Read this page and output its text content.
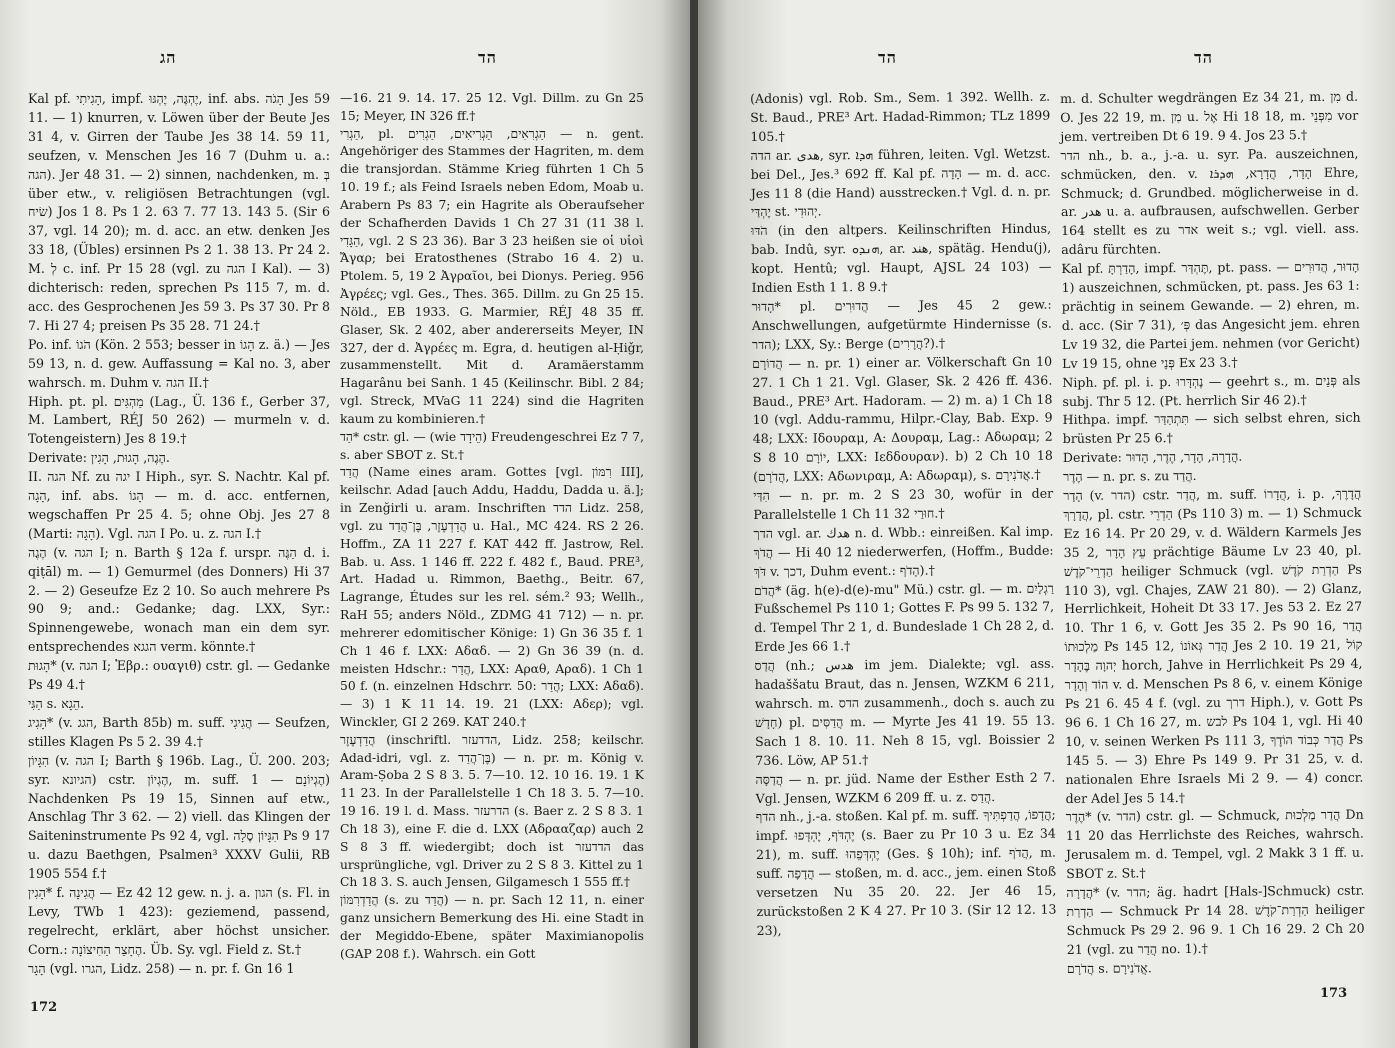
הג	הד

Kal pf. הָגִיתִי, impf. יֶהְגֶּה, יֶהְגּוּ, inf. abs. הָגֹה Jes 59 11. — 1) knurren, v. Löwen über der Beute Jes 31 4, v. Girren der Taube Jes 38 14. 59 11, seufzen, v. Menschen Jes 16 7 (Duhm u. a.: הגה). Jer 48 31. — 2) sinnen, nachdenken, m. בְּ über etw., v. religiösen Betrachtungen (vgl. שׂיח) Jos 1 8. Ps 1 2. 63 7. 77 13. 143 5. (Sir 6 37, vgl. 14 20); m. d. acc. an etw. denken Jes 33 18, (Übles) ersinnen Ps 2 1. 38 13. Pr 24 2. M. לְ c. inf. Pr 15 28 (vgl. zu הגה I Kal). — 3) dichterisch: reden, sprechen Ps 115 7, m. d. acc. des Gesprochenen Jes 59 3. Ps 37 30. Pr 8 7. Hi 27 4; preisen Ps 35 28. 71 24.†

Po. inf. הֹגוֹ (Kön. 2 553; besser in הָגוֹ z. ä.) — Jes 59 13, n. d. gew. Auffassung = Kal no. 3, aber wahrsch. m. Duhm v. הגה II.†

Hiph. pt. pl. מַהְגִּים (Lag., Ü. 136 f., Gerber 37, M. Lambert, RÉJ 50 262) — murmeln v. d. Totengeistern) Jes 8 19.†

Derivate: הֶגֶה, הָגוּת, הָגִין.

II. הגה Nf. zu יגה I Hiph., syr. S. Nachtr. Kal pf. הָגָה, inf. abs. הָגוֹ — m. d. acc. entfernen, wegschaffen Pr 25 4. 5; ohne Obj. Jes 27 8 (Marti: הָגָה). Vgl. הגה I Po. u. z. הגה I.†

הֶגֶה (v. הגה I; n. Barth § 12a f. urspr. הַגֶּה d. i. qiṭāl) m. — 1) Gemurmel (des Donners) Hi 37 2. — 2) Geseufze Ez 2 10. So auch mehrere Ps 90 9; and.: Gedanke; dag. LXX, Syr.: Spinnengewebe, wonach man ein dem syr. entsprechendes הגגא verm. könnte.†

הָגוּת* (v. הגה I; Ἐβρ.: ουαγιθ) cstr. gl. — Gedanke Ps 49 4.†

הַגִּי s. הֵגָא.

הָגִיג* (v. הגג, Barth 85b) m. suff. הֲגִיגִי — Seufzen, stilles Klagen Ps 5 2. 39 4.†

הִגָּיוֹן (v. הגה I; Barth § 196b. Lag., Ü. 200. 203; syr. הגיונא) cstr. הֶגְיוֹן, m. suff. הֶגְיוֹנָם — 1) Nachdenken Ps 19 15, Sinnen auf etw., Anschlag Thr 3 62. — 2) viell. das Klingen der Saiteninstrumente Ps 92 4, vgl. הִגָּיוֹן סֶלָה Ps 9 17 u. dazu Baethgen, Psalmen³ XXXV Gulii, RB 1905 554 f.†

הָגִין* f. הֲגִינָה — Ez 42 12 gew. n. j. a. הגון (s. Fl. in Levy, TWb 1 423): geziemend, passend, regelrecht, erklärt, aber höchst unsicher. Corn.: הֶחָצֵר הַחִיצוֹנָה. Üb. Sy. vgl. Field z. St.†

הָגָר (vgl. הגרו, Lidz. 258) — n. pr. f. Gn 16 1

—16. 21 9. 14. 17. 25 12. Vgl. Dillm. zu Gn 25 15; Meyer, IN 326 ff.†

הַגְרִי, pl. הַגְרִאִים, הַגְרִיאִים, הַגְרִים — n. gent. Angehöriger des Stammes der Hagriten, m. dem die transjordan. Stämme Krieg führten 1 Ch 5 10. 19 f.; als Feind Israels neben Edom, Moab u. Arabern Ps 83 7; ein Hagrite als Oberaufseher der Schafherden Davids 1 Ch 27 31 (11 38 l. הַגָּדִי, vgl. 2 S 23 36). Bar 3 23 heißen sie οἱ υἱοὶ Ἄγαρ; bei Eratosthenes (Strabo 16 4. 2) u. Ptolem. 5, 19 2 Ἀγραῖοι, bei Dionys. Perieg. 956 Ἀγρέες; vgl. Ges., Thes. 365. Dillm. zu Gn 25 15. Nöld., EB 1933. G. Marmier, RÉJ 48 35 ff. Glaser, Sk. 2 402, aber andererseits Meyer, IN 327, der d. Ἀγρέες m. Egra, d. heutigen al-Ḥiǧr, zusammenstellt. Mit d. Aramäerstamm Hagarânu bei Sanh. 1 45 (Keilinschr. Bibl. 2 84; vgl. Streck, MVaG 11 224) sind die Hagriten kaum zu kombinieren.†

הַד* cstr. gl. — (wie הֵידָד) Freudengeschrei Ez 7 7, s. aber SBOT z. St.†

הֲדַד (Name eines aram. Gottes [vgl. רִמּוֹן III], keilschr. Adad [auch Addu, Haddu, Dadda u. ä.]; in Zenğirli u. aram. Inschriften הדד Lidz. 258, vgl. zu הֲדַדְעֶזֶר, בֶּן־הֲדַד u. Hal., MC 424. RS 2 26. Hoffm., ZA 11 227 f. KAT 442 ff. Jastrow, Rel. Bab. u. Ass. 1 146 ff. 222 f. 482 f., Baud. PRE³, Art. Hadad u. Rimmon, Baethg., Beitr. 67, Lagrange, Études sur les rel. sém.² 93; Wellh., RaH 55; anders Nöld., ZDMG 41 712) — n. pr. mehrerer edomitischer Könige: 1) Gn 36 35 f. 1 Ch 1 46 f. LXX: Αδαδ. — 2) Gn 36 39 (n. d. meisten Hdschr.: הֲדַר, LXX: Αραθ, Αραδ). 1 Ch 1 50 f. (n. einzelnen Hdschrr. 50: הֲדַר; LXX: Αδαδ). — 3) 1 K 11 14. 19. 21 (LXX: Αδερ); vgl. Winckler, GI 2 269. KAT 240.†

הֲדַדְעֶזֶר (inschriftl. הדדעזר, Lidz. 258; keilschr. Adad-idri, vgl. z. בֶּן־הֲדַד) — n. pr. m. König v. Aram-Ṣoba 2 S 8 3. 5. 7—10. 12. 10 16. 19. 1 K 11 23. In der Parallelstelle 1 Ch 18 3. 5. 7—10. 19 16. 19 l. d. Mass. הדרעזר (s. Baer z. 2 S 8 3. 1 Ch 18 3), eine F. die d. LXX (Αδρααζαρ) auch 2 S 8 3 ff. wiedergibt; doch ist הדדעזר das ursprüngliche, vgl. Driver zu 2 S 8 3. Kittel zu 1 Ch 18 3. S. auch Jensen, Gilgamesch 1 555 ff.†

הֲדַדְרִמּוֹן (s. zu הֲדַד) — n. pr. Sach 12 11, n. einer ganz unsichern Bemerkung des Hi. eine Stadt in der Megiddo-Ebene, später Maximianopolis (GAP 208 f.). Wahrsch. ein Gott

172
הד	הד

(Adonis) vgl. Rob. Sm., Sem. 1 392. Wellh. z. St. Baud., PRE³ Art. Hadad-Rimmon; TLz 1899 105.†

הדה ar. هدى, syr. ܗܕܐ führen, leiten. Vgl. Wetzst. bei Del., Jes.³ 692 ff. Kal pf. הָדָה — m. d. acc. Jes 11 8 (die Hand) ausstrecken.† Vgl. d. n. pr. יֶהְדַּי st. יְהוּדִי.

הֹדּוּ (in den altpers. Keilinschriften Hindus, bab. Indû, syr. ܗܢܕܘ, ar. هند, spätäg. Hendu(j), kopt. Hentû; vgl. Haupt, AJSL 24 103) — Indien Esth 1 1. 8 9.†

הָדוּר* pl. הֲדוּרִים — Jes 45 2 gew.: Anschwellungen, aufgetürmte Hindernisse (s. הדר); LXX, Sy.: Berge (הֲרָרִים?).†

הֲדוֹרָם — n. pr. 1) einer ar. Völkerschaft Gn 10 27. 1 Ch 1 21. Vgl. Glaser, Sk. 2 426 ff. 436. Baud., PRE³ Art. Hadoram. — 2) m. a) 1 Ch 18 10 (vgl. Addu-rammu, Hilpr.-Clay, Bab. Exp. 9 48; LXX: Ιδουραμ, A: Δουραμ, Lag.: Αδωραμ; 2 S 8 10 יוֹרָם, LXX: Ιεδδουραν). b) 2 Ch 10 18 (הֲדֹרָם, LXX: Αδωνιραμ, A: Αδωραμ), s. אֲדֹנִירָם.†

הִדַּי — n. pr. m. 2 S 23 30, wofür in der Parallelstelle 1 Ch 11 32 חוּרַי.†

הדך vgl. ar. هدك n. d. Wbb.: einreißen. Kal imp. הֲדֹךְ — Hi 40 12 niederwerfen, (Hoffm., Budde: דֹּךְ v. דכך, Duhm event.: הָדֹף).†

הֲדֹם* (äg. h(e)-d(e)-mu" Mü.) cstr. gl. — m. רַגְלַיִם Fußschemel Ps 110 1; Gottes F. Ps 99 5. 132 7, d. Tempel Thr 2 1, d. Bundeslade 1 Ch 28 2, d. Erde Jes 66 1.†

הֲדַס (nh.; هدس im jem. Dialekte; vgl. ass. hadaššatu Braut, das n. Jensen, WZKM 6 211, wahrsch. m. הדס zusammenh., doch s. auch zu חָדָשׁ) pl. הֲדַסִּים m. — Myrte Jes 41 19. 55 13. Sach 1 8. 10. 11. Neh 8 15, vgl. Boissier 2 736. Löw, AP 51.†

הֲדַסָּה — n. pr. jüd. Name der Esther Esth 2 7. Vgl. Jensen, WZKM 6 209 ff. u. z. הֲדַס.

הדף nh., j.-a. stoßen. Kal pf. m. suff. הֲדָפוֹ, הֲדַפְתִּיךָ; impf. יֶהְדֹּף, יֶהְדְּפוּ (s. Baer zu Pr 10 3 u. Ez 34 21), m. suff. יֶהְדְּפֵהוּ (Ges. § 10h); inf. הֲדֹף, m. suff. הֲדָפָה — stoßen, m. d. acc., jem. einen Stoß versetzen Nu 35 20. 22. Jer 46 15, zurückstoßen 2 K 4 27. Pr 10 3. (Sir 12 12. 13 23),

m. d. Schulter wegdrängen Ez 34 21, m. מִן d. O. Jes 22 19, m. מִן u. אֶל Hi 18 18, m. מִפְּנֵי vor jem. vertreiben Dt 6 19. 9 4. Jos 23 5.†

הדר nh., b. a., j.-a. u. syr. Pa. auszeichnen, schmücken, den. v. הָדָר, הֲדָרָא, ܗܕܪܐ Ehre, Schmuck; d. Grundbed. möglicherweise in d. ar. هدر u. a. aufbrausen, aufschwellen. Gerber 164 stellt es zu אדר weit s.; vgl. viell. ass. adâru fürchten.

Kal pf. הָדַרְתָּ, impf. תֶּהְדַּר, pt. pass. הָדוּר, הֲדוּרִים — 1) auszeichnen, schmücken, pt. pass. Jes 63 1: prächtig in seinem Gewande. — 2) ehren, m. d. acc. (Sir 7 31), פְּ׳ das Angesicht jem. ehren Lv 19 32, die Partei jem. nehmen (vor Gericht) Lv 19 15, ohne פְּנֵי Ex 23 3.†

Niph. pf. pl. i. p. נֶהְדָּרוּ — geehrt s., m. פְּנֵים als subj. Thr 5 12. (Pt. herrlich Sir 46 2).†

Hithpa. impf. תִּתְהַדַּר — sich selbst ehren, sich brüsten Pr 25 6.†

Derivate: הֲדָרָה, הָדָר, הֶדֶר, הָדוּר.

הֶדֶר — n. pr. s. zu הֲדַד.

הָדָר (v. הדר) cstr. הֲדַר, m. suff. הֲדָרוֹ, i. p. הֲדָרֶךָ, הֲדָרָךְ, pl. cstr. הַדְרֵי (Ps 110 3) m. — 1) Schmuck Ez 16 14. Pr 20 29, v. d. Wäldern Karmels Jes 35 2, עֵץ הָדָר prächtige Bäume Lv 23 40, pl. הַדְרֵי־קֹדֶשׁ heiliger Schmuck (vgl. הַדְרַת קֹדֶשׁ Ps 110 3), vgl. Chajes, ZAW 21 80). — 2) Glanz, Herrlichkeit, Hoheit Dt 33 17. Jes 53 2. Ez 27 10. Thr 1 6, v. Gott Jes 35 2. Ps 90 16, הֲדַר מַלְכוּתוֹ Ps 145 12, הֲדַר גְּאוֹנוֹ Jes 2 10. 19 21, קוֹל יְהוָה בֶּהָדָר horch, Jahve in Herrlichkeit Ps 29 4, הוֹד וְהָדָר v. d. Menschen Ps 8 6, v. einem Könige Ps 21 6. 45 4 f. (vgl. zu דרך Hiph.), v. Gott Ps 96 6. 1 Ch 16 27, m. לבש Ps 104 1, vgl. Hi 40 10, v. seinen Werken Ps 111 3, הֲדַר כְּבוֹד הוֹדֶךָ Ps 145 5. — 3) Ehre Ps 149 9. Pr 31 25, v. d. nationalen Ehre Israels Mi 2 9. — 4) concr. der Adel Jes 5 14.†

הֶדֶר* (v. הדר) cstr. gl. — Schmuck, הֲדַר מַלְכוּת Dn 11 20 das Herrlichste des Reiches, wahrsch. Jerusalem m. d. Tempel, vgl. 2 Makk 3 1 ff. u. SBOT z. St.†

הֲדָרָה* (v. הדר; äg. hadrt [Hals-]Schmuck) cstr. הַדְרַת — Schmuck Pr 14 28. הַדְרַת־קֹדֶשׁ heiliger Schmuck Ps 29 2. 96 9. 1 Ch 16 29. 2 Ch 20 21 (vgl. zu הֲדַר no. 1).†

הֲדֹרָם s. אֲדֹנִירָם.

173
